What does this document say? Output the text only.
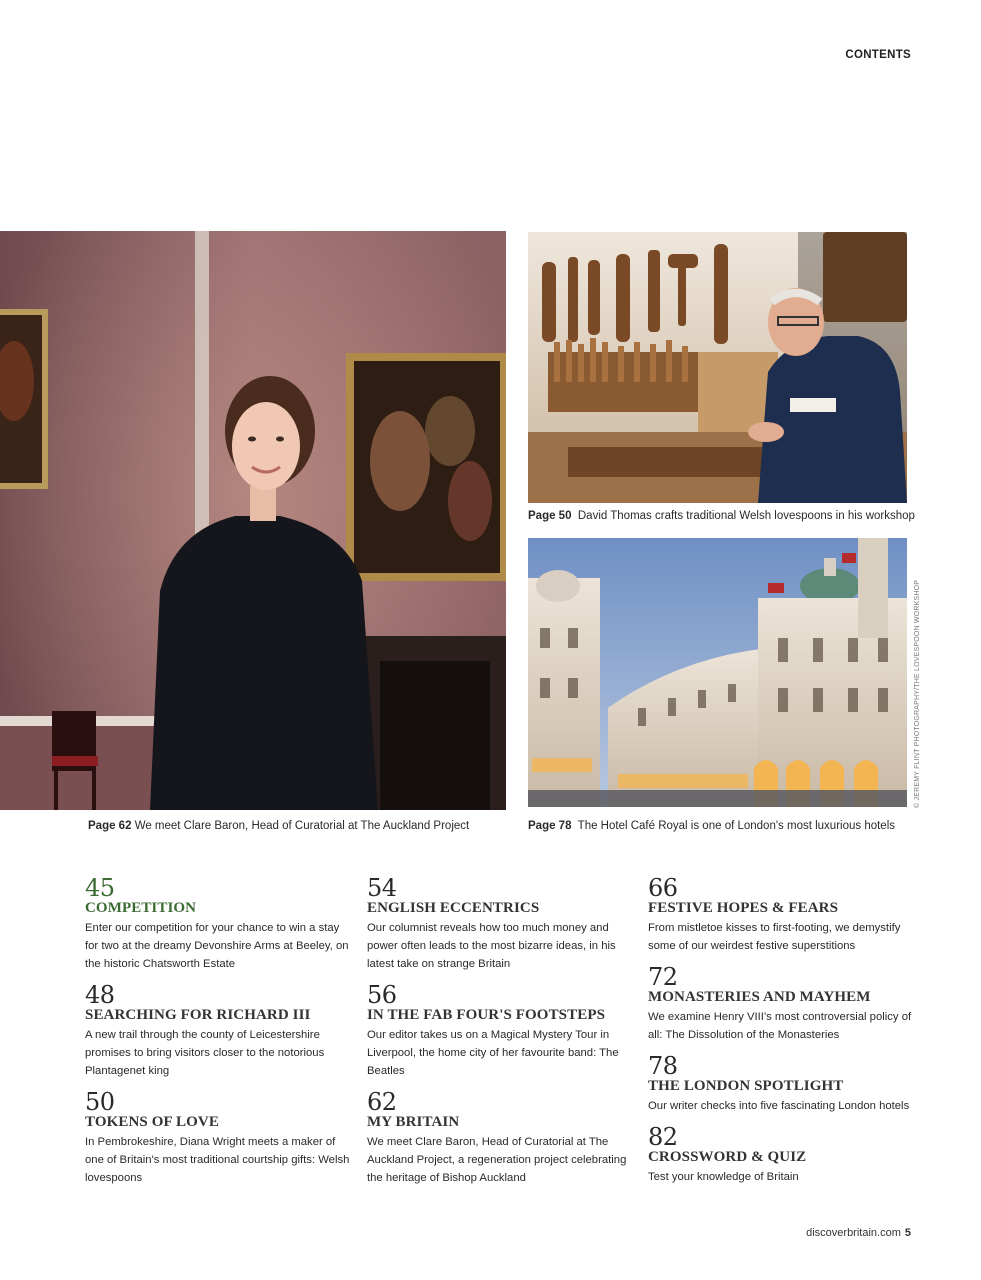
CONTENTS
Page 50 David Thomas crafts traditional Welsh lovespoons in his workshop
Page 62 We meet Clare Baron, Head of Curatorial at The Auckland Project	Page 78 The Hotel Café Royal is one of London's most luxurious hotels
© JEREMY FLINT PHOTOGRAPHY/THE LOVESPOON WORKSHOP
45
COMPETITION
Enter our competition for your chance to win a stay for two at the dreamy Devonshire Arms at Beeley, on the historic Chatsworth Estate
48
SEARCHING FOR RICHARD III
A new trail through the county of Leicestershire promises to bring visitors closer to the notorious Plantagenet king
50
TOKENS OF LOVE
In Pembrokeshire, Diana Wright meets a maker of one of Britain's most traditional courtship gifts: Welsh lovespoons
54
ENGLISH ECCENTRICS
Our columnist reveals how too much money and power often leads to the most bizarre ideas, in his latest take on strange Britain
56
IN THE FAB FOUR'S FOOTSTEPS
Our editor takes us on a Magical Mystery Tour in Liverpool, the home city of her favourite band: The Beatles
62
MY BRITAIN
We meet Clare Baron, Head of Curatorial at The Auckland Project, a regeneration project celebrating the heritage of Bishop Auckland
66
FESTIVE HOPES & FEARS
From mistletoe kisses to first-footing, we demystify some of our weirdest festive superstitions
72
MONASTERIES AND MAYHEM
We examine Henry VIII's most controversial policy of all: The Dissolution of the Monasteries
78
THE LONDON SPOTLIGHT
Our writer checks into five fascinating London hotels
82
CROSSWORD & QUIZ
Test your knowledge of Britain
discoverbritain.com 5
